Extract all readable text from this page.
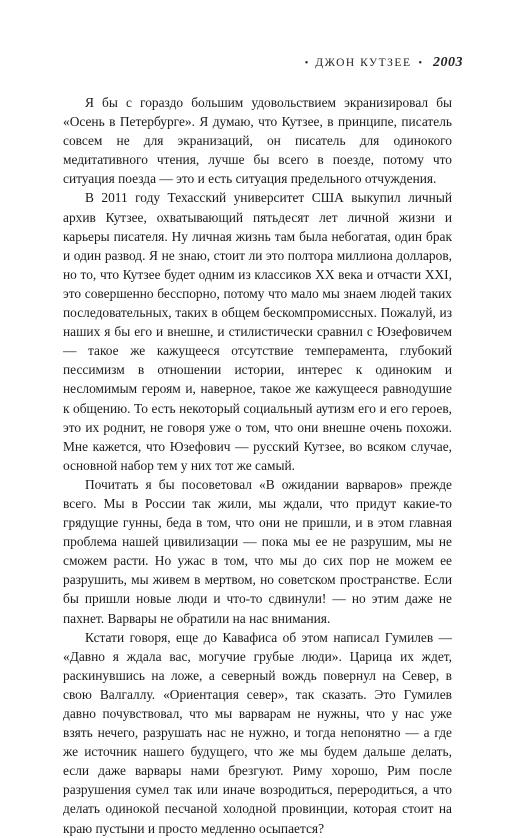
• ДЖОН КУТЗЕЕ • 2003

Я бы с гораздо большим удовольствием экранизировал бы «Осень в Петербурге». Я думаю, что Кутзее, в принципе, писатель совсем не для экранизаций, он писатель для одинокого медитативного чтения, лучше бы всего в поезде, потому что ситуация поезда — это и есть ситуация предельного отчуждения.

В 2011 году Техасский университет США выкупил личный архив Кутзее, охватывающий пятьдесят лет личной жизни и карьеры писателя. Ну личная жизнь там была небогатая, один брак и один развод. Я не знаю, стоит ли это полтора миллиона долларов, но то, что Кутзее будет одним из классиков XX века и отчасти XXI, это совершенно бесспорно, потому что мало мы знаем людей таких последовательных, таких в общем бескомпромиссных. Пожалуй, из наших я бы его и внешне, и стилистически сравнил с Юзефовичем — такое же кажущееся отсутствие темперамента, глубокий пессимизм в отношении истории, интерес к одиноким и несломимым героям и, наверное, такое же кажущееся равнодушие к общению. То есть некоторый социальный аутизм его и его героев, это их роднит, не говоря уже о том, что они внешне очень похожи. Мне кажется, что Юзефович — русский Кутзее, во всяком случае, основной набор тем у них тот же самый.

Почитать я бы посоветовал «В ожидании варваров» прежде всего. Мы в России так жили, мы ждали, что придут какие-то грядущие гунны, беда в том, что они не пришли, и в этом главная проблема нашей цивилизации — пока мы ее не разрушим, мы не сможем расти. Но ужас в том, что мы до сих пор не можем ее разрушить, мы живем в мертвом, но советском пространстве. Если бы пришли новые люди и что-то сдвинули! — но этим даже не пахнет. Варвары не обратили на нас внимания.

Кстати говоря, еще до Кавафиса об этом написал Гумилев — «Давно я ждала вас, могучие грубые люди». Царица их ждет, раскинувшись на ложе, а северный вождь повернул на Север, в свою Валгаллу. «Ориентация север», так сказать. Это Гумилев давно почувствовал, что мы варварам не нужны, что у нас уже взять нечего, разрушать нас не нужно, и тогда непонятно — а где же источник нашего будущего, что же мы будем дальше делать, если даже варвары нами брезгуют. Риму хорошо, Рим после разрушения сумел так или иначе возродиться, переродиться, а что делать одинокой песчаной холодной провинции, которая стоит на краю пустыни и просто медленно осыпается?
